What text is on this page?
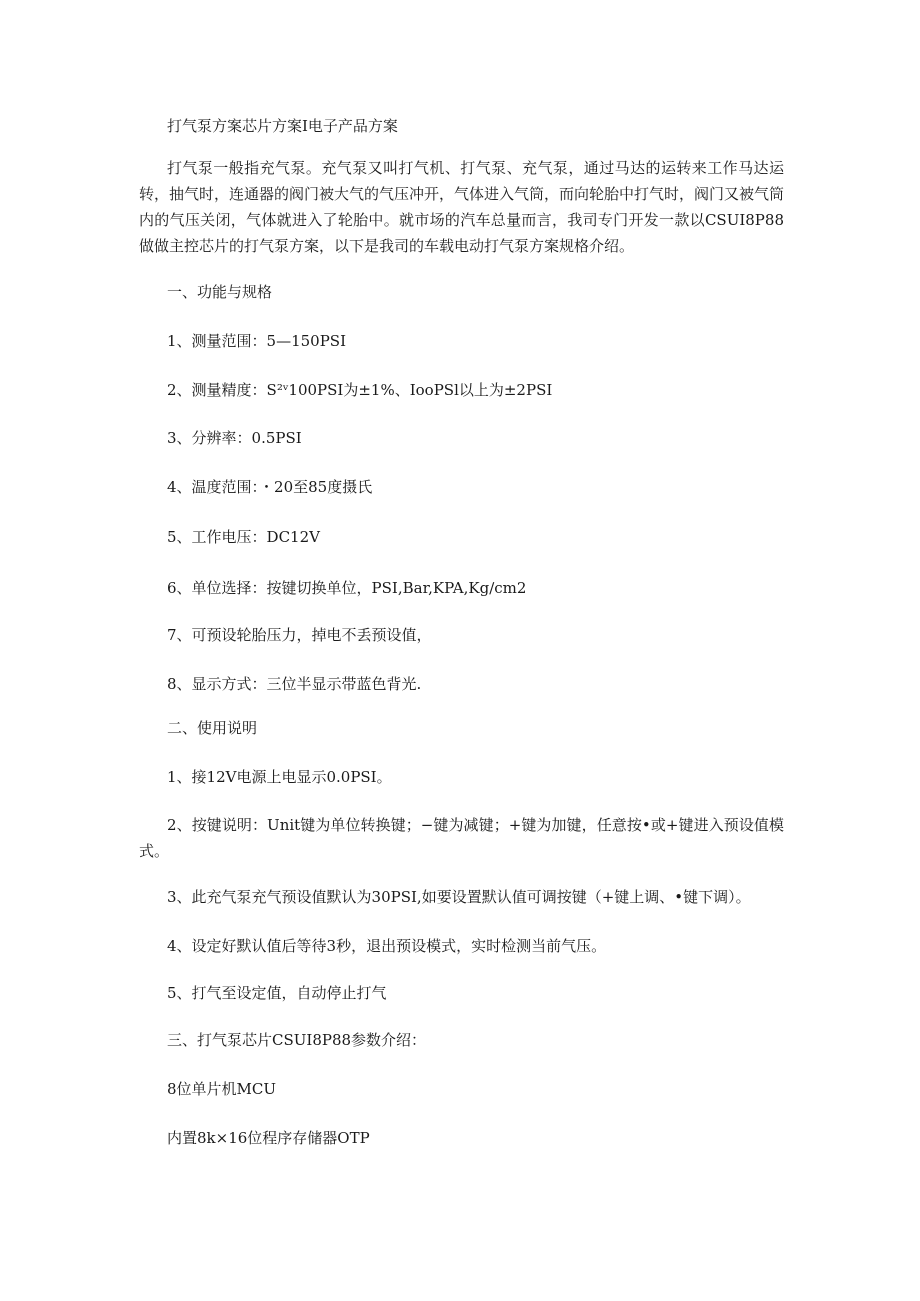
打气泵方案芯片方案I电子产品方案

打气泵一般指充气泵。充气泵又叫打气机、打气泵、充气泵，通过马达的运转来工作马达运转，抽气时，连通器的阀门被大气的气压冲开，气体进入气筒，而向轮胎中打气时，阀门又被气筒内的气压关闭，气体就进入了轮胎中。就市场的汽车总量而言，我司专门开发一款以CSUI8P88做做主控芯片的打气泵方案，以下是我司的车载电动打气泵方案规格介绍。

一、功能与规格

1、测量范围：5—150PSI

2、测量精度：S²ᵛ100PSI为±1%、IooPSl以上为±2PSI

3、分辨率：0.5PSI

4、温度范围：・20至85度摄氏

5、工作电压：DC12V

6、单位选择：按键切换单位，PSI,Bar,KPA,Kg∕cm2

7、可预设轮胎压力，掉电不丢预设值，

8、显示方式：三位半显示带蓝色背光.

二、使用说明

1、接12V电源上电显示0.0PSI。

2、按键说明：Unit键为单位转换键；−键为减键；+键为加键，任意按•或+键进入预设值模式。

3、此充气泵充气预设值默认为30PSI,如要设置默认值可调按键（+键上调、•键下调）。

4、设定好默认值后等待3秒，退出预设模式，实时检测当前气压。

5、打气至设定值，自动停止打气

三、打气泵芯片CSUI8P88参数介绍：

8位单片机MCU

内置8k×16位程序存储器OTP
